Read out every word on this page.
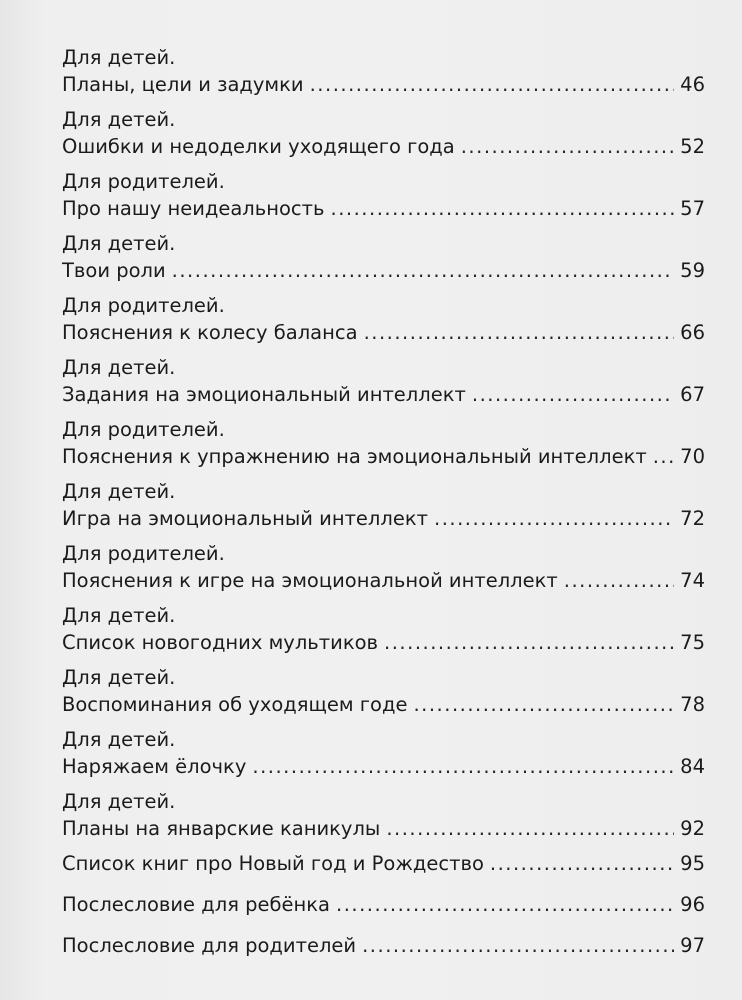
Для детей.
Планы, цели и задумки .....	46
Для детей.
Ошибки и недоделки уходящего года .....	52
Для родителей.
Про нашу неидеальность .....	57
Для детей.
Твои роли .....	59
Для родителей.
Пояснения к колесу баланса .....	66
Для детей.
Задания на эмоциональный интеллект .....	67
Для родителей.
Пояснения к упражнению на эмоциональный интеллект ..... 70
Для детей.
Игра на эмоциональный интеллект .....	72
Для родителей.
Пояснения к игре на эмоциональной интеллект .....	74
Для детей.
Список новогодних мультиков .....	75
Для детей.
Воспоминания об уходящем годе .....	78
Для детей.
Наряжаем ёлочку .....	84
Для детей.
Планы на январские каникулы .....	92
Список книг про Новый год и Рождество .....	95
Послесловие для ребёнка .....	96
Послесловие для родителей .....	97
